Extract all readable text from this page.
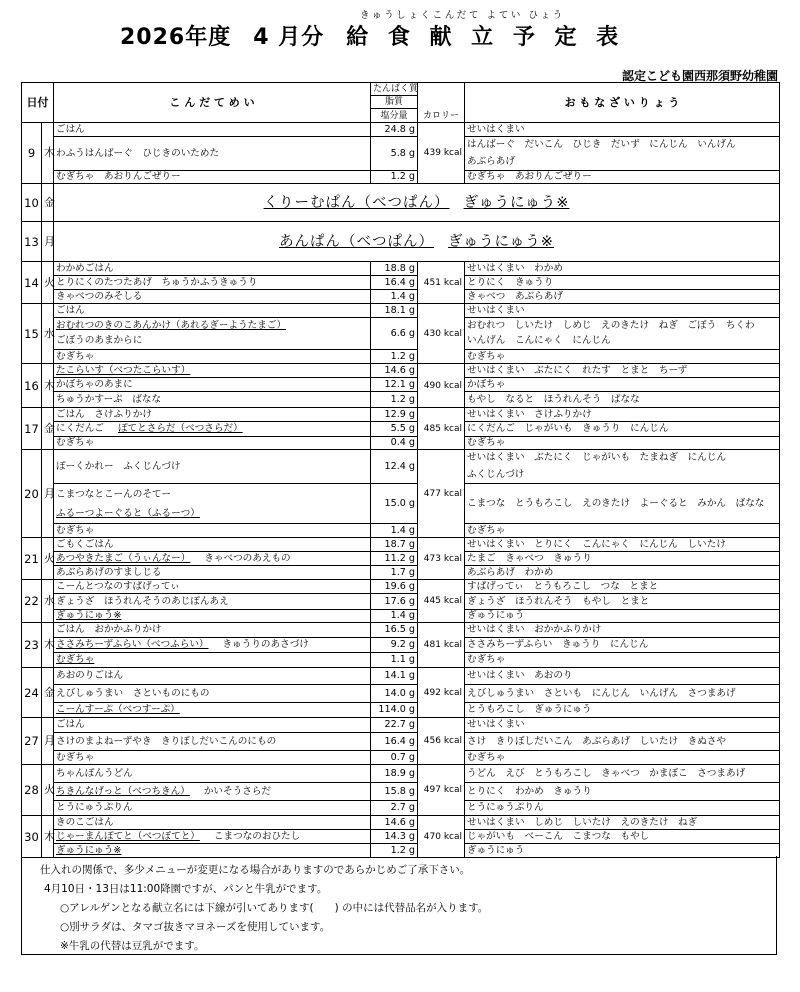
きゅうしょくこんだて よてい ひょう
2026年度 4 月分 給 食 献 立 予 定 表
認定こども園西那須野幼稚園
日付		こ ん だ て め い	たんぱく質	カロリー	お も な ざ い り ょ う
			脂質		
			塩分量		
9	木	ごはん	24.8 g	439 kcal	せいはくまい
		わふうはんばーぐ　ひじきのいためた	5.8 g		はんばーぐ　だいこん　ひじき　だいず　にんじん　いんげん
					あぶらあげ
		むぎちゃ　あおりんごぜりー	1.2 g		むぎちゃ　あおりんごぜりー
10	金	くりーむぱん（べつぱん） ぎゅうにゅう※			
13	月	あんぱん（べつぱん） ぎゅうにゅう※			
14	火	わかめごはん	18.8 g	451 kcal	せいはくまい　わかめ
		とりにくのたつたあげ　ちゅうかふうきゅうり	16.4 g		とりにく　きゅうり
		きゃべつのみそしる	1.4 g		きゃべつ　あぶらあげ
15	水	ごはん	18.1 g	430 kcal	せいはくまい
		おむれつのきのこあんかけ（あれるぎーようたまご）	6.6 g		おむれつ　しいたけ　しめじ　えのきたけ　ねぎ　ごぼう　ちくわ
		ごぼうのあまからに			いんげん　こんにゃく　にんじん
		むぎちゃ	1.2 g		むぎちゃ

16	木	たこらいす（べつたこらいす）	14.6 g	490 kcal	せいはくまい　ぶたにく　れたす　とまと　ちーず
		かぼちゃのあまに	12.1 g		かぼちゃ
		ちゅうかすーぷ　ばなな	1.2 g		もやし　なると　ほうれんそう　ばなな
17	金	ごはん　さけふりかけ	12.9 g	485 kcal	せいはくまい　さけふりかけ
		にくだんご ぽてとさらだ（べつさらだ）	5.5 g		にくだんご　じゃがいも　きゅうり　にんじん
		むぎちゃ	0.4 g		むぎちゃ
20	月	ぽーくかれー　ふくじんづけ	12.4 g	477 kcal	せいはくまい　ぶたにく　じゃがいも　たまねぎ　にんじん
					ふくじんづけ
		こまつなとこーんのそてー	15.0 g		こまつな　とうもろこし　えのきたけ　よーぐると　みかん　ばなな
		ふるーつよーぐると（ふるーつ）			
		むぎちゃ	1.4 g		むぎちゃ

21	火	ごもくごはん	18.7 g	473 kcal	せいはくまい　とりにく　こんにゃく　にんじん　しいたけ
		あつやきたまご（うぃんなー） きゃべつのあえもの	11.2 g		たまご　きゃべつ　きゅうり
		あぶらあげのすましじる	1.7 g		あぶらあげ　わかめ
22	水	こーんとつなのすぱげってぃ	19.6 g	445 kcal	すぱげってぃ　とうもろこし　つな　とまと
		ぎょうざ　ほうれんそうのあじぽんあえ	17.6 g		ぎょうざ　ほうれんそう　もやし　とまと
		ぎゅうにゅう※	1.4 g		ぎゅうにゅう
23	木	ごはん　おかかふりかけ	16.5 g	481 kcal	せいはくまい　おかかふりかけ
		ささみちーずふらい（べつふらい） きゅうりのあさづけ	9.2 g		ささみちーずふらい　きゅうり　にんじん
		むぎちゃ	1.1 g		むぎちゃ
24	金	あおのりごはん	14.1 g	492 kcal	せいはくまい　あおのり
		えびしゅうまい　さといものにもの	14.0 g		えびしゅうまい　さといも　にんじん　いんげん　さつまあげ
		こーんすーぷ（べつすーぷ）	114.0 g		とうもろこし　ぎゅうにゅう
27	月	ごはん	22.7 g	456 kcal	せいはくまい
		さけのまよねーずやき　きりぼしだいこんのにもの	16.4 g		さけ　きりぼしだいこん　あぶらあげ　しいたけ　きぬさや
		むぎちゃ	0.7 g		むぎちゃ
28	火	ちゃんぽんうどん	18.9 g	497 kcal	うどん　えび　とうもろこし　きゃべつ　かまぼこ　さつまあげ
		ちきんなげっと（べつちきん） かいそうさらだ	15.8 g		とりにく　わかめ　きゅうり
		とうにゅうぷりん	2.7 g		とうにゅうぷりん
30	木	きのこごはん	14.6 g	470 kcal	せいはくまい　しめじ　しいたけ　えのきたけ　ねぎ
		じゃーまんぽてと（べつぽてと） こまつなのおひたし	14.3 g		じゃがいも　べーこん　こまつな　もやし
		ぎゅうにゅう※	1.2 g		ぎゅうにゅう
仕入れの関係で、多少メニューが変更になる場合がありますのであらかじめご了承下さい。
4月10日・13日は11:00降園ですが、パンと牛乳がでます。
○アレルゲンとなる献立名には下線が引いてあります(　　) の中には代替品名が入ります。
○別サラダは、タマゴ抜きマヨネーズを使用しています。
※牛乳の代替は豆乳がでます。
